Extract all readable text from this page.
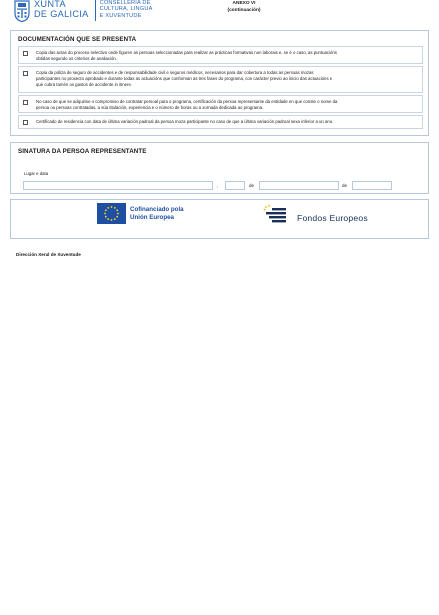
XUNTA
DE GALICIA
CONSELLERÍA DE
CULTURA, LINGUA
E XUVENTUDE
ANEXO VI
(continuación)
DOCUMENTACIÓN QUE SE PRESENTA
Copia das actas do proceso selectivo onde figuren as persoas seleccionadas para realizar as prácticas formativas non laborais e, se é o caso, as puntuacións
obtidas segundo os criterios de avaliación.
Copia da póliza de seguro de accidentes e de responsabilidade civil e seguros médicos, necesarios para dar cobertura a todas as persoas mozas
participantes no proxecto aprobado e durante todas as actuacións que conforman as tres fases do programa, con carácter previo ao inicio das actuacións e
que cubra tamén os gastos de accidente in itinere.
No caso de que se adquirise o compromiso de contratar persoal para o programa, certificación da persoa representante da entidade en que conste o nome da
persoa ou persoas contratadas, a súa titulación, experiencia e o número de horas ou a xornada dedicada ao programa.
Certificado de residencia con data de última variación padroal da persoa moza participante no caso de que a última variación padroal sexa inferior a un ano.
SINATURA DA PERSOA REPRESENTANTE
Lugar e data
,	de	de
Cofinanciado pola
Unión Europea	Fondos Europeos
Dirección Xeral de Xuventude
